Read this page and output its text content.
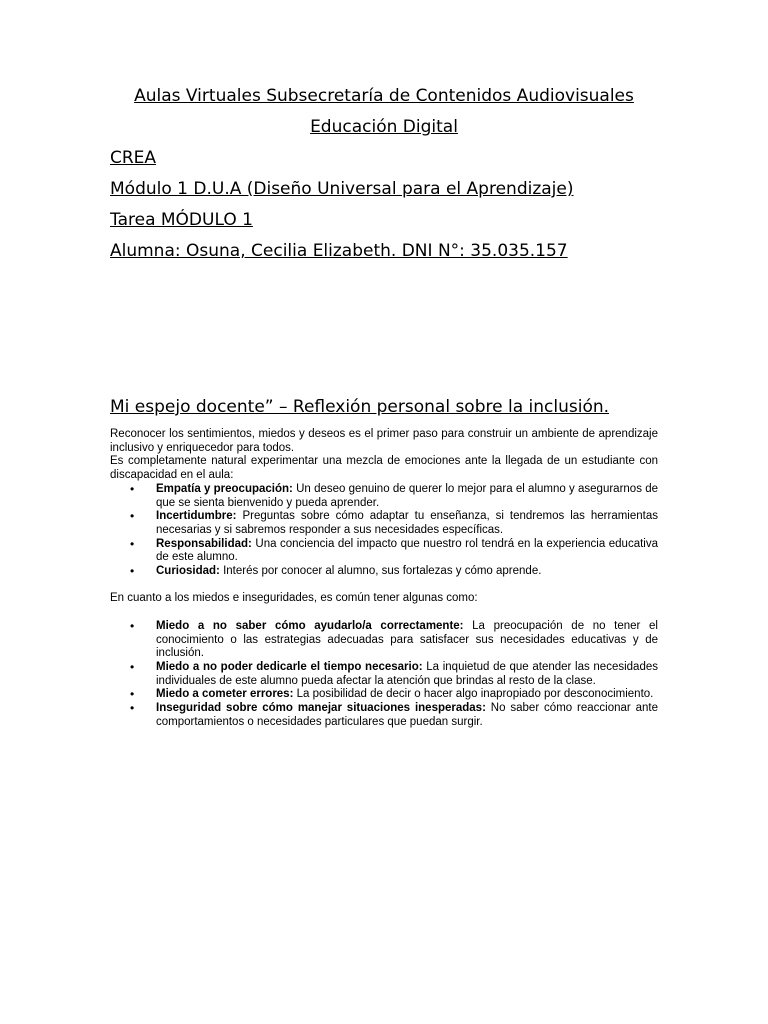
Aulas Virtuales Subsecretaría de Contenidos Audiovisuales
Educación Digital
CREA
Módulo 1 D.U.A (Diseño Universal para el Aprendizaje)
Tarea MÓDULO 1
Alumna: Osuna, Cecilia Elizabeth. DNI N°: 35.035.157
Mi espejo docente” – Reflexión personal sobre la inclusión.

Reconocer los sentimientos, miedos y deseos es el primer paso para construir un ambiente de aprendizaje inclusivo y enriquecedor para todos.

Es completamente natural experimentar una mezcla de emociones ante la llegada de un estudiante con discapacidad en el aula:

• Empatía y preocupación: Un deseo genuino de querer lo mejor para el alumno y asegurarnos de que se sienta bienvenido y pueda aprender.
• Incertidumbre: Preguntas sobre cómo adaptar tu enseñanza, si tendremos las herramientas necesarias y si sabremos responder a sus necesidades específicas.
• Responsabilidad: Una conciencia del impacto que nuestro rol tendrá en la experiencia educativa de este alumno.
• Curiosidad: Interés por conocer al alumno, sus fortalezas y cómo aprende.

En cuanto a los miedos e inseguridades, es común tener algunas como:

• Miedo a no saber cómo ayudarlo/a correctamente: La preocupación de no tener el conocimiento o las estrategias adecuadas para satisfacer sus necesidades educativas y de inclusión.
• Miedo a no poder dedicarle el tiempo necesario: La inquietud de que atender las necesidades individuales de este alumno pueda afectar la atención que brindas al resto de la clase.
• Miedo a cometer errores: La posibilidad de decir o hacer algo inapropiado por desconocimiento.
• Inseguridad sobre cómo manejar situaciones inesperadas: No saber cómo reaccionar ante comportamientos o necesidades particulares que puedan surgir.
